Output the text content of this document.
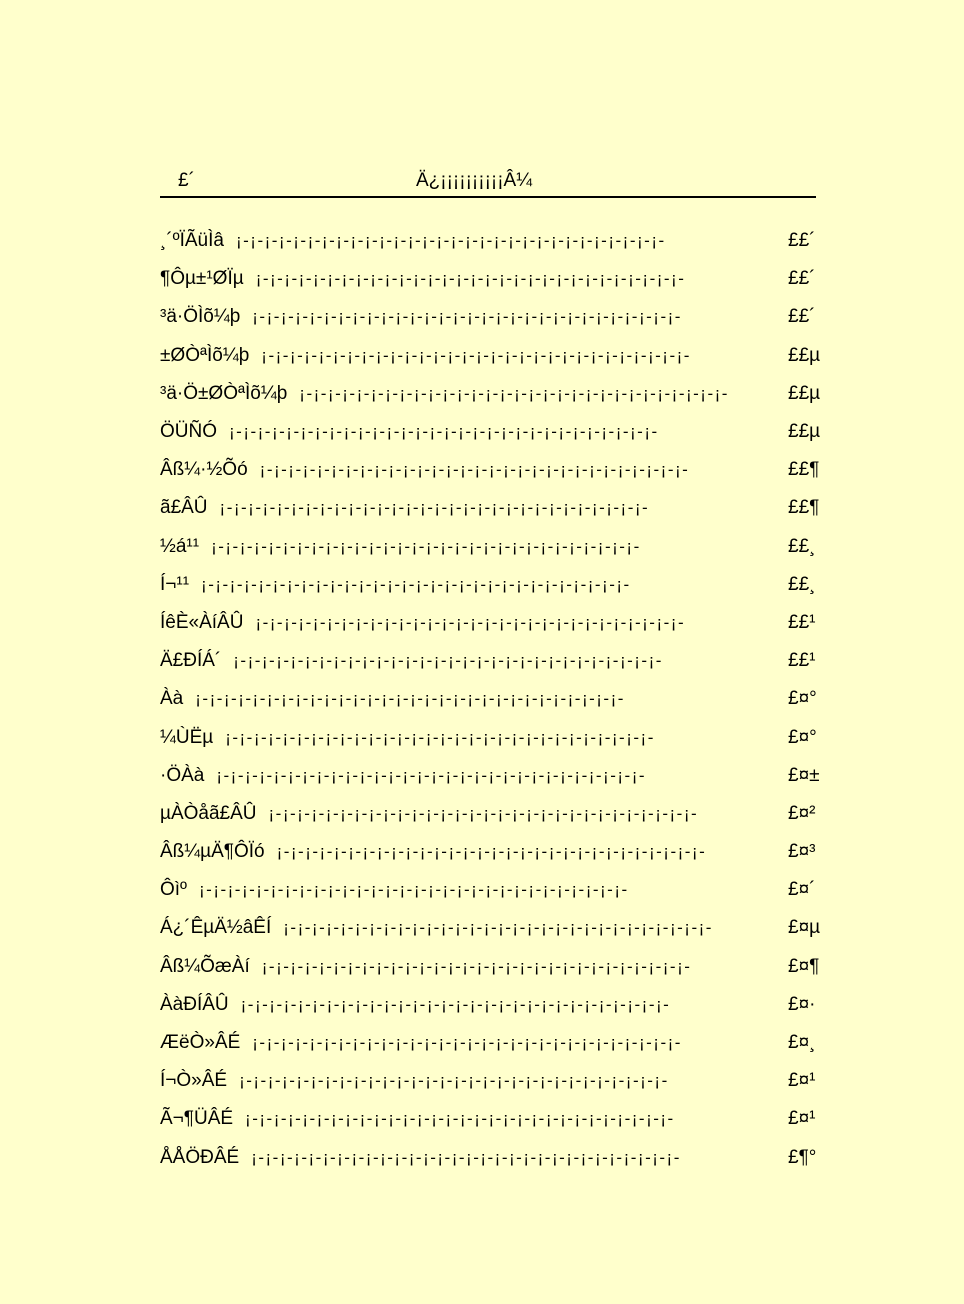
£´	Ä¿¡¡¡¡¡¡¡¡¡¡Â¼
¸´ºÏÃüÌâ ¡-¡-¡-¡-¡-¡-¡-¡-¡-¡-¡-¡-¡-¡-¡-¡-¡-¡-¡-¡-¡-¡-¡-¡-¡-¡-¡-¡-¡-¡-	££´
¶Ôµ±¹ØÏµ ¡-¡-¡-¡-¡-¡-¡-¡-¡-¡-¡-¡-¡-¡-¡-¡-¡-¡-¡-¡-¡-¡-¡-¡-¡-¡-¡-¡-¡-¡-	££´
³ä·ÖÌõ¼þ ¡-¡-¡-¡-¡-¡-¡-¡-¡-¡-¡-¡-¡-¡-¡-¡-¡-¡-¡-¡-¡-¡-¡-¡-¡-¡-¡-¡-¡-¡-	££´
±ØÒªÌõ¼þ ¡-¡-¡-¡-¡-¡-¡-¡-¡-¡-¡-¡-¡-¡-¡-¡-¡-¡-¡-¡-¡-¡-¡-¡-¡-¡-¡-¡-¡-¡-	££µ
³ä·Ö±ØÒªÌõ¼þ ¡-¡-¡-¡-¡-¡-¡-¡-¡-¡-¡-¡-¡-¡-¡-¡-¡-¡-¡-¡-¡-¡-¡-¡-¡-¡-¡-¡-¡-¡-	££µ
ÖÜÑÓ ¡-¡-¡-¡-¡-¡-¡-¡-¡-¡-¡-¡-¡-¡-¡-¡-¡-¡-¡-¡-¡-¡-¡-¡-¡-¡-¡-¡-¡-¡-	££µ
Âß¼·½Õó ¡-¡-¡-¡-¡-¡-¡-¡-¡-¡-¡-¡-¡-¡-¡-¡-¡-¡-¡-¡-¡-¡-¡-¡-¡-¡-¡-¡-¡-¡-	££¶
ã£ÂÛ ¡-¡-¡-¡-¡-¡-¡-¡-¡-¡-¡-¡-¡-¡-¡-¡-¡-¡-¡-¡-¡-¡-¡-¡-¡-¡-¡-¡-¡-¡-	££¶
½á¹¹ ¡-¡-¡-¡-¡-¡-¡-¡-¡-¡-¡-¡-¡-¡-¡-¡-¡-¡-¡-¡-¡-¡-¡-¡-¡-¡-¡-¡-¡-¡-	££¸
Í¬¹¹ ¡-¡-¡-¡-¡-¡-¡-¡-¡-¡-¡-¡-¡-¡-¡-¡-¡-¡-¡-¡-¡-¡-¡-¡-¡-¡-¡-¡-¡-¡-	££¸
ÍêÈ«ÀíÂÛ ¡-¡-¡-¡-¡-¡-¡-¡-¡-¡-¡-¡-¡-¡-¡-¡-¡-¡-¡-¡-¡-¡-¡-¡-¡-¡-¡-¡-¡-¡-	££¹
Ä£ÐÍÁ´ ¡-¡-¡-¡-¡-¡-¡-¡-¡-¡-¡-¡-¡-¡-¡-¡-¡-¡-¡-¡-¡-¡-¡-¡-¡-¡-¡-¡-¡-¡-	££¹
Àà ¡-¡-¡-¡-¡-¡-¡-¡-¡-¡-¡-¡-¡-¡-¡-¡-¡-¡-¡-¡-¡-¡-¡-¡-¡-¡-¡-¡-¡-¡-	£¤°
¼ÙËµ ¡-¡-¡-¡-¡-¡-¡-¡-¡-¡-¡-¡-¡-¡-¡-¡-¡-¡-¡-¡-¡-¡-¡-¡-¡-¡-¡-¡-¡-¡-	£¤°
·ÖÀà ¡-¡-¡-¡-¡-¡-¡-¡-¡-¡-¡-¡-¡-¡-¡-¡-¡-¡-¡-¡-¡-¡-¡-¡-¡-¡-¡-¡-¡-¡-	£¤±
µÀÒåã£ÂÛ ¡-¡-¡-¡-¡-¡-¡-¡-¡-¡-¡-¡-¡-¡-¡-¡-¡-¡-¡-¡-¡-¡-¡-¡-¡-¡-¡-¡-¡-¡-	£¤²
Âß¼µÄ¶ÔÏó ¡-¡-¡-¡-¡-¡-¡-¡-¡-¡-¡-¡-¡-¡-¡-¡-¡-¡-¡-¡-¡-¡-¡-¡-¡-¡-¡-¡-¡-¡-	£¤³
Ôìº ¡-¡-¡-¡-¡-¡-¡-¡-¡-¡-¡-¡-¡-¡-¡-¡-¡-¡-¡-¡-¡-¡-¡-¡-¡-¡-¡-¡-¡-¡-	£¤´
Á¿´ÊµÄ½âÊÍ ¡-¡-¡-¡-¡-¡-¡-¡-¡-¡-¡-¡-¡-¡-¡-¡-¡-¡-¡-¡-¡-¡-¡-¡-¡-¡-¡-¡-¡-¡-	£¤µ
Âß¼ÕæÀí ¡-¡-¡-¡-¡-¡-¡-¡-¡-¡-¡-¡-¡-¡-¡-¡-¡-¡-¡-¡-¡-¡-¡-¡-¡-¡-¡-¡-¡-¡-	£¤¶
ÀàÐÍÂÛ ¡-¡-¡-¡-¡-¡-¡-¡-¡-¡-¡-¡-¡-¡-¡-¡-¡-¡-¡-¡-¡-¡-¡-¡-¡-¡-¡-¡-¡-¡-	£¤·
ÆëÒ»ÂÉ ¡-¡-¡-¡-¡-¡-¡-¡-¡-¡-¡-¡-¡-¡-¡-¡-¡-¡-¡-¡-¡-¡-¡-¡-¡-¡-¡-¡-¡-¡-	£¤¸
Í¬Ò»ÂÉ ¡-¡-¡-¡-¡-¡-¡-¡-¡-¡-¡-¡-¡-¡-¡-¡-¡-¡-¡-¡-¡-¡-¡-¡-¡-¡-¡-¡-¡-¡-	£¤¹
Ã¬¶ÜÂÉ ¡-¡-¡-¡-¡-¡-¡-¡-¡-¡-¡-¡-¡-¡-¡-¡-¡-¡-¡-¡-¡-¡-¡-¡-¡-¡-¡-¡-¡-¡-	£¤¹
ÅÅÖÐÂÉ ¡-¡-¡-¡-¡-¡-¡-¡-¡-¡-¡-¡-¡-¡-¡-¡-¡-¡-¡-¡-¡-¡-¡-¡-¡-¡-¡-¡-¡-¡-	£¶°
